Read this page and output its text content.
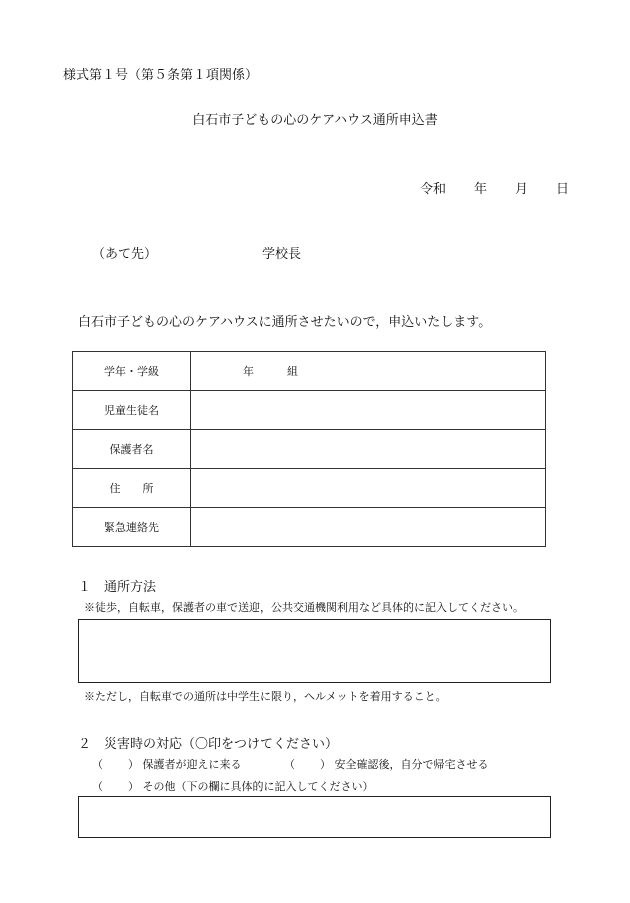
様式第１号（第５条第１項関係）
白石市子どもの心のケアハウス通所申込書
令和 年 月 日
（あて先）	学校長
白石市子どもの心のケアハウスに通所させたいので，申込いたします。
学年・学級	年 組
児童生徒名	
保護者名	
住　　所	
緊急連絡先	
１　通所方法
※徒歩，自転車，保護者の車で送迎，公共交通機関利用など具体的に記入してください。
※ただし，自転車での通所は中学生に限り，ヘルメットを着用すること。
２　災害時の対応（〇印をつけてください）
（ ） 保護者が迎えに来る	（ ） 安全確認後，自分で帰宅させる
（ ） その他（下の欄に具体的に記入してください）
